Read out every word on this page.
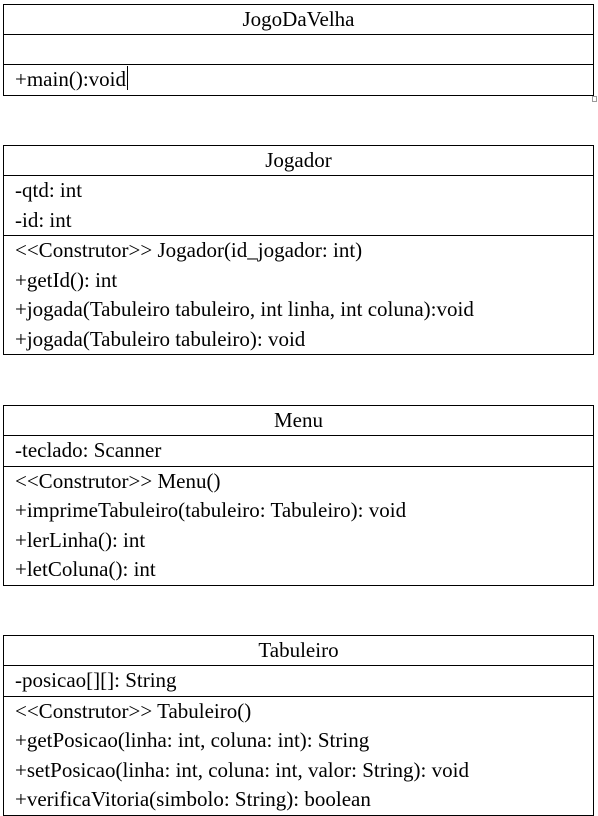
JogoDaVelha
+main():void
Jogador
-qtd: int
-id: int
<<Construtor>> Jogador(id_jogador: int)
+getId(): int
+jogada(Tabuleiro tabuleiro, int linha, int coluna):void
+jogada(Tabuleiro tabuleiro): void
Menu
-teclado: Scanner
<<Construtor>> Menu()
+imprimeTabuleiro(tabuleiro: Tabuleiro): void
+lerLinha(): int
+letColuna(): int
Tabuleiro
-posicao[][]: String
<<Construtor>> Tabuleiro()
+getPosicao(linha: int, coluna: int): String
+setPosicao(linha: int, coluna: int, valor: String): void
+verificaVitoria(simbolo: String): boolean
